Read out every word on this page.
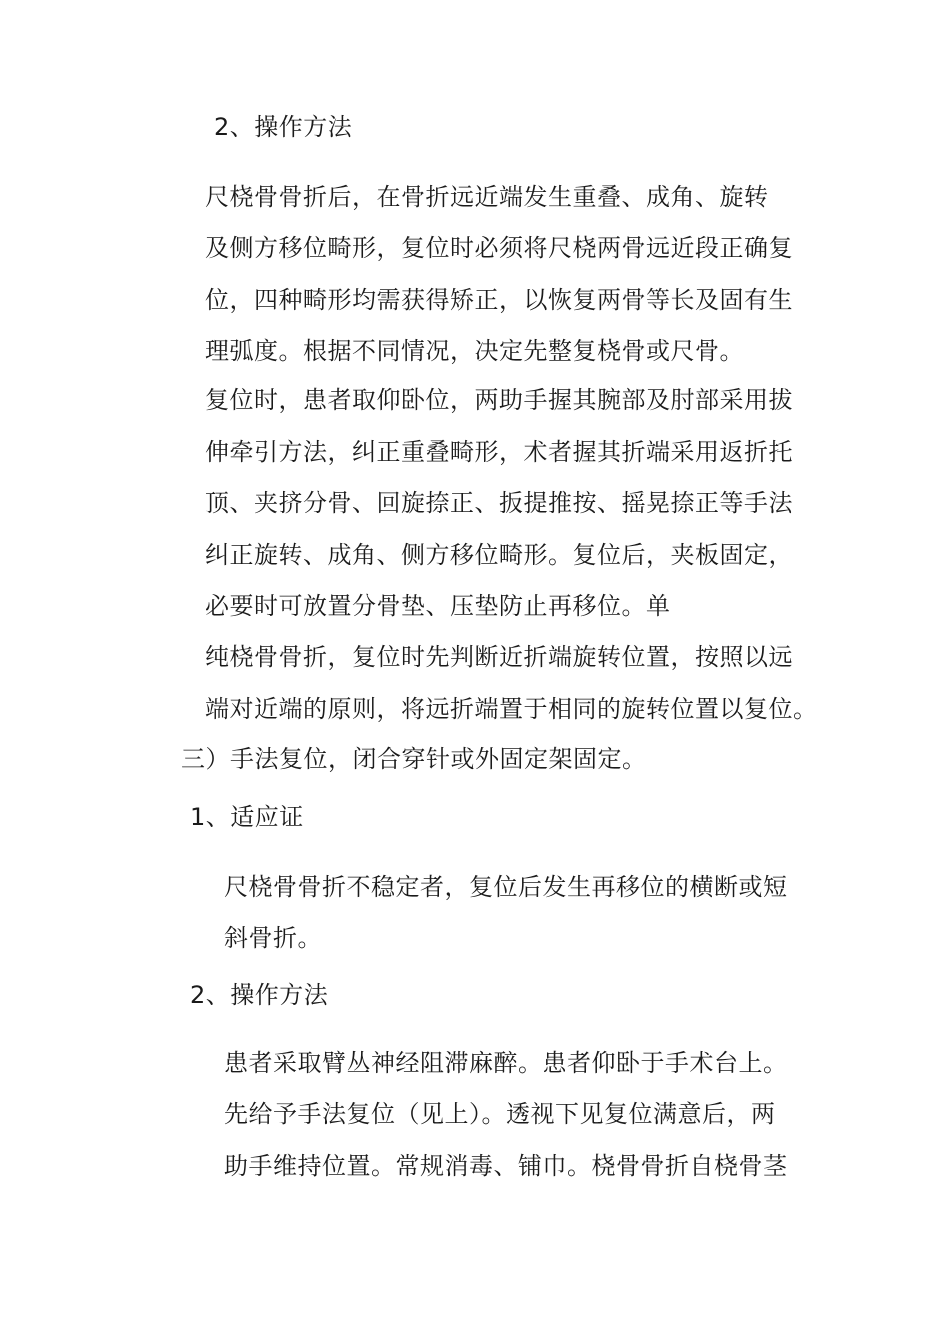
2、操作方法
尺桡骨骨折后，在骨折远近端发生重叠、成角、旋转
及侧方移位畸形，复位时必须将尺桡两骨远近段正确复
位，四种畸形均需获得矫正，以恢复两骨等长及固有生
理弧度。根据不同情况，决定先整复桡骨或尺骨。
复位时，患者取仰卧位，两助手握其腕部及肘部采用拔
伸牵引方法，纠正重叠畸形，术者握其折端采用返折托
顶、夹挤分骨、回旋捺正、扳提推按、摇晃捺正等手法
纠正旋转、成角、侧方移位畸形。复位后，夹板固定，
必要时可放置分骨垫、压垫防止再移位。单
纯桡骨骨折，复位时先判断近折端旋转位置，按照以远
端对近端的原则，将远折端置于相同的旋转位置以复位。
三）手法复位，闭合穿针或外固定架固定。
1、适应证
尺桡骨骨折不稳定者，复位后发生再移位的横断或短
斜骨折。
2、操作方法
患者采取臂丛神经阻滞麻醉。患者仰卧于手术台上。
先给予手法复位（见上）。透视下见复位满意后，两
助手维持位置。常规消毒、铺巾。桡骨骨折自桡骨茎
